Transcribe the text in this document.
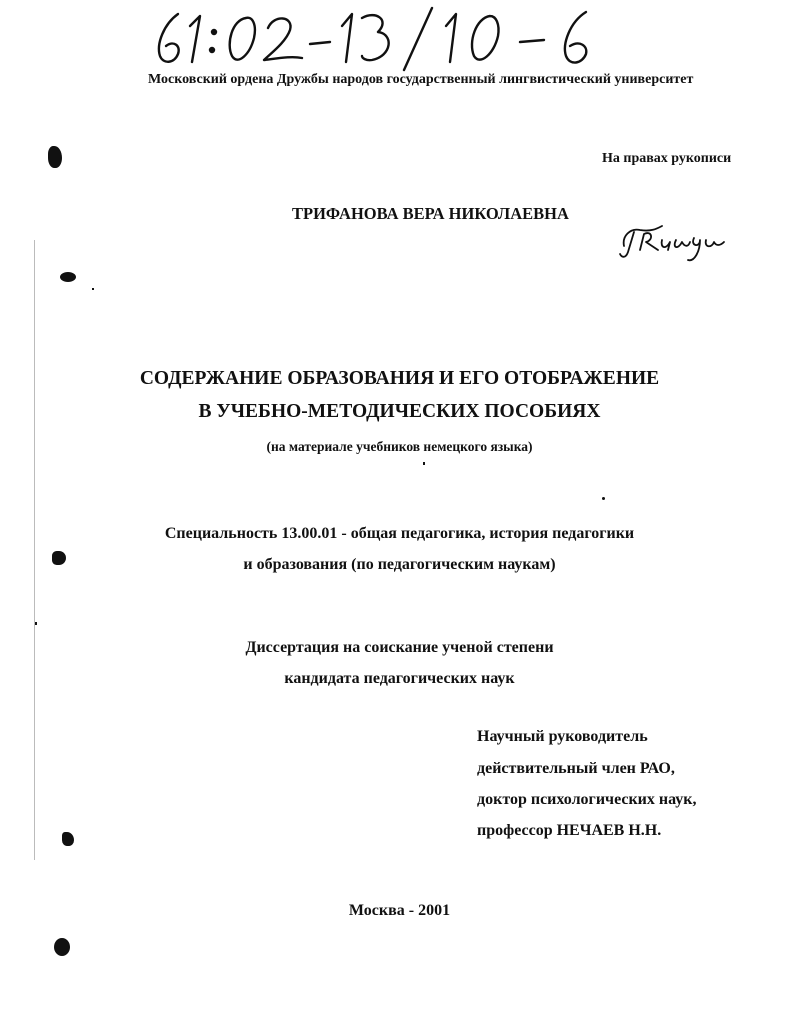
Московский ордена Дружбы народов государственный лингвистический университет
На правах рукописи
ТРИФАНОВА ВЕРА НИКОЛАЕВНА
СОДЕРЖАНИЕ ОБРАЗОВАНИЯ И ЕГО ОТОБРАЖЕНИЕ
В УЧЕБНО-МЕТОДИЧЕСКИХ ПОСОБИЯХ
(на материале учебников немецкого языка)
Специальность 13.00.01 - общая педагогика, история педагогики
и образования (по педагогическим наукам)
Диссертация на соискание ученой степени
кандидата педагогических наук
Научный руководитель
действительный член РАО,
доктор психологических наук,
профессор НЕЧАЕВ Н.Н.
Москва - 2001
